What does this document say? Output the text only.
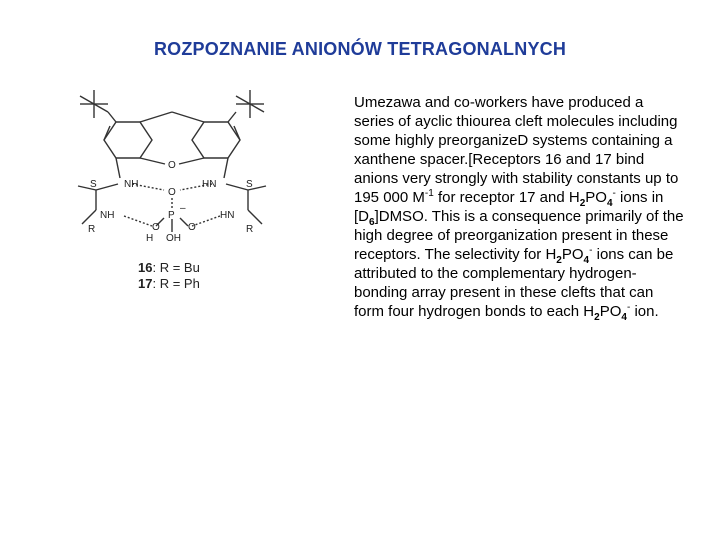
ROZPOZNANIE ANIONÓW TETRAGONALNYCH
O
S	NH	HN	S
O
P
–
NH	HN
R	R
O	O
H OH
16: R = Bu
17: R = Ph
Umezawa and co-workers have produced a series of ayclic thiourea cleft molecules including some highly preorganizeD systems containing a xanthene spacer.[Receptors 16 and 17 bind anions very strongly with stability constants up to 195 000 $M^{-1}$ for receptor 17 and $H_2PO_4^-$ ions in $[D_6]DMSO$. This is a consequence primarily of the high degree of preorganization present in these receptors. The selectivity for $H_2PO_4^-$ ions can be attributed to the complementary hydrogen-bonding array present in these clefts that can form four hydrogen bonds to each $H_2PO_4^-$ ion.
